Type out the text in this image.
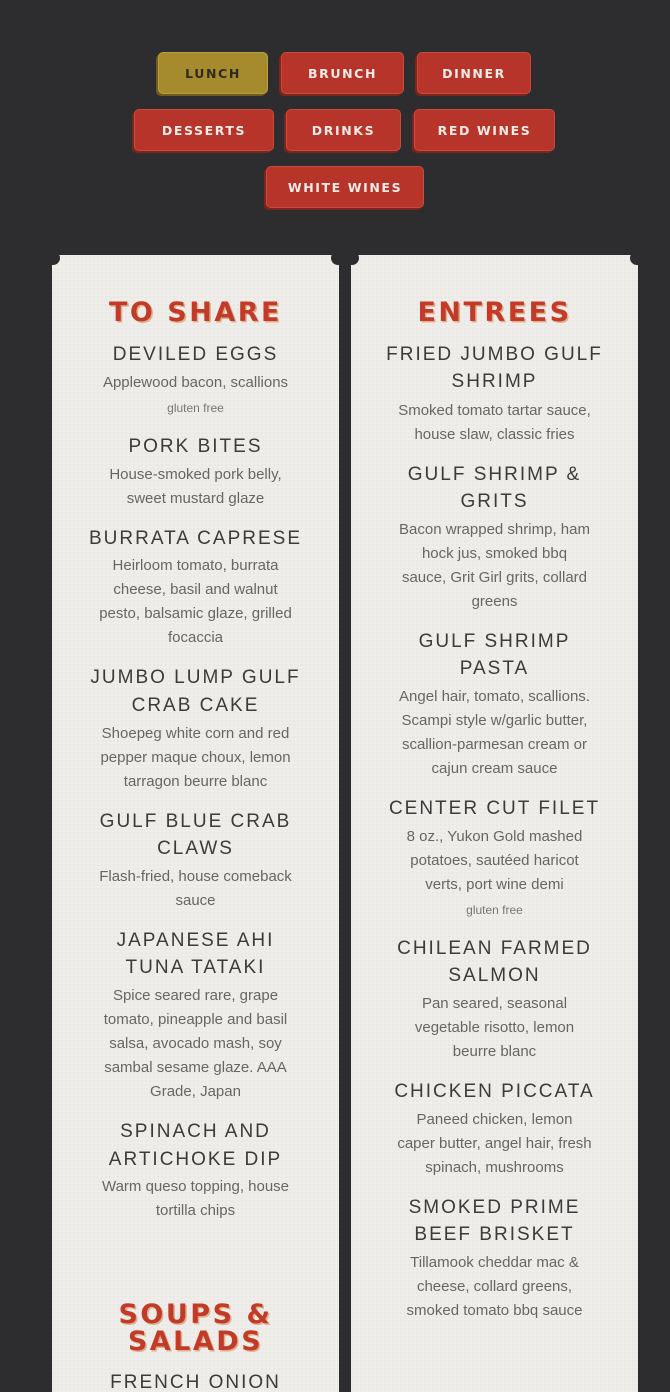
LUNCH	BRUNCH	DINNER
DESSERTS	DRINKS	RED WINES
WHITE WINES
TO SHARE
DEVILED EGGS
Applewood bacon, scallions
gluten free
PORK BITES
House-smoked pork belly,
sweet mustard glaze
BURRATA CAPRESE
Heirloom tomato, burrata
cheese, basil and walnut
pesto, balsamic glaze, grilled
focaccia
JUMBO LUMP GULF
CRAB CAKE
Shoepeg white corn and red
pepper maque choux, lemon
tarragon beurre blanc
GULF BLUE CRAB
CLAWS
Flash-fried, house comeback
sauce
JAPANESE AHI
TUNA TATAKI
Spice seared rare, grape
tomato, pineapple and basil
salsa, avocado mash, soy
sambal sesame glaze. AAA
Grade, Japan
SPINACH AND
ARTICHOKE DIP
Warm queso topping, house
tortilla chips
SOUPS &
SALADS
FRENCH ONION
ENTREES
FRIED JUMBO GULF
SHRIMP
Smoked tomato tartar sauce,
house slaw, classic fries
GULF SHRIMP &
GRITS
Bacon wrapped shrimp, ham
hock jus, smoked bbq
sauce, Grit Girl grits, collard
greens
GULF SHRIMP
PASTA
Angel hair, tomato, scallions.
Scampi style w/garlic butter,
scallion-parmesan cream or
cajun cream sauce
CENTER CUT FILET
8 oz., Yukon Gold mashed
potatoes, sautéed haricot
verts, port wine demi
gluten free
CHILEAN FARMED
SALMON
Pan seared, seasonal
vegetable risotto, lemon
beurre blanc
CHICKEN PICCATA
Paneed chicken, lemon
caper butter, angel hair, fresh
spinach, mushrooms
SMOKED PRIME
BEEF BRISKET
Tillamook cheddar mac &
cheese, collard greens,
smoked tomato bbq sauce
